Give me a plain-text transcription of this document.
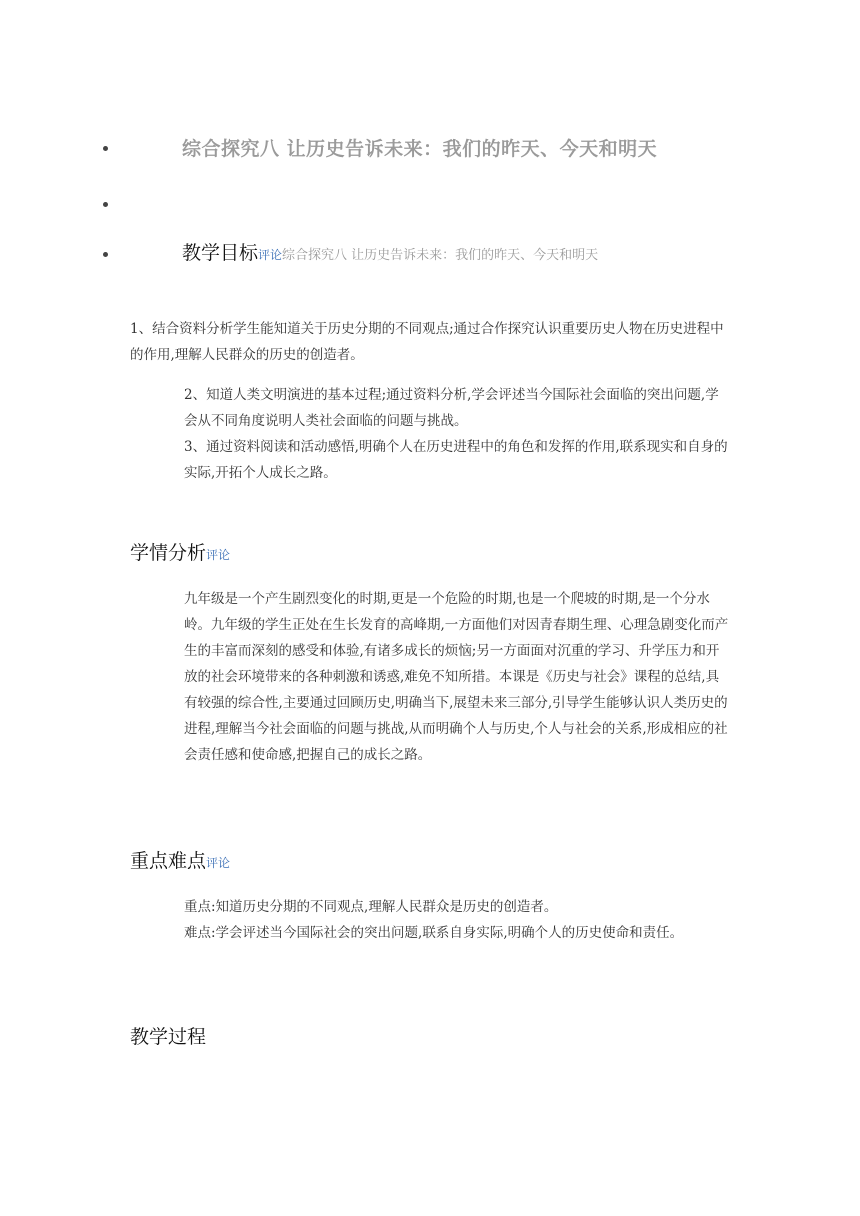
综合探究八 让历史告诉未来：我们的昨天、今天和明天
教学目标评论综合探究八 让历史告诉未来：我们的昨天、今天和明天

1、结合资料分析学生能知道关于历史分期的不同观点;通过合作探究认识重要历史人物在历史进程中的作用,理解人民群众的历史的创造者。

2、知道人类文明演进的基本过程;通过资料分析,学会评述当今国际社会面临的突出问题,学会从不同角度说明人类社会面临的问题与挑战。

3、通过资料阅读和活动感悟,明确个人在历史进程中的角色和发挥的作用,联系现实和自身的实际,开拓个人成长之路。

学情分析评论

九年级是一个产生剧烈变化的时期,更是一个危险的时期,也是一个爬坡的时期,是一个分水岭。九年级的学生正处在生长发育的高峰期,一方面他们对因青春期生理、心理急剧变化而产生的丰富而深刻的感受和体验,有诸多成长的烦恼;另一方面面对沉重的学习、升学压力和开放的社会环境带来的各种刺激和诱惑,难免不知所措。本课是《历史与社会》课程的总结,具有较强的综合性,主要通过回顾历史,明确当下,展望未来三部分,引导学生能够认识人类历史的进程,理解当今社会面临的问题与挑战,从而明确个人与历史,个人与社会的关系,形成相应的社会责任感和使命感,把握自己的成长之路。

重点难点评论

重点:知道历史分期的不同观点,理解人民群众是历史的创造者。

难点:学会评述当今国际社会的突出问题,联系自身实际,明确个人的历史使命和责任。

教学过程
